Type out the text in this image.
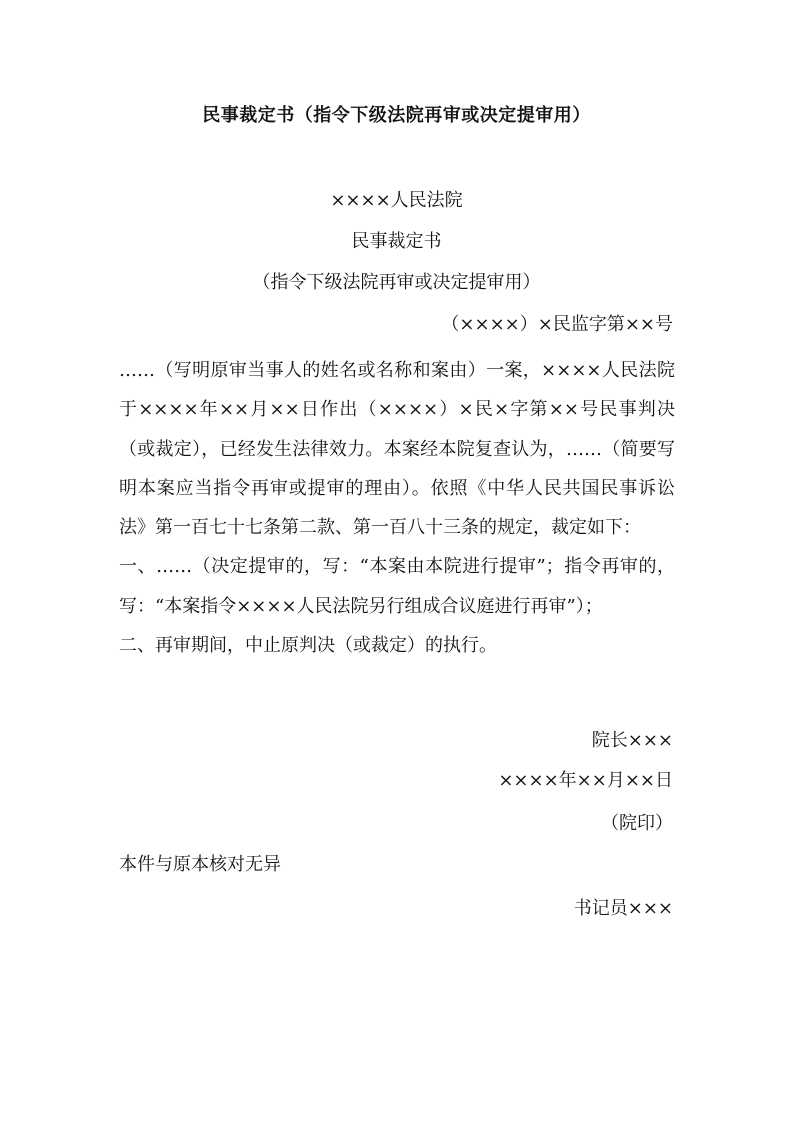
民事裁定书（指令下级法院再审或决定提审用）
××××人民法院
民事裁定书
（指令下级法院再审或决定提审用）
（××××）×民监字第××号

……（写明原审当事人的姓名或名称和案由）一案，××××人民法院于××××年××月××日作出（××××）×民×字第××号民事判决（或裁定），已经发生法律效力。本案经本院复查认为，……（简要写明本案应当指令再审或提审的理由）。依照《中华人民共国民事诉讼法》第一百七十七条第二款、第一百八十三条的规定，裁定如下：

一、……（决定提审的，写：“本案由本院进行提审”；指令再审的，写：“本案指令××××人民法院另行组成合议庭进行再审”）；

二、再审期间，中止原判决（或裁定）的执行。

院长×××
××××年××月××日
（院印）
本件与原本核对无异
书记员×××
